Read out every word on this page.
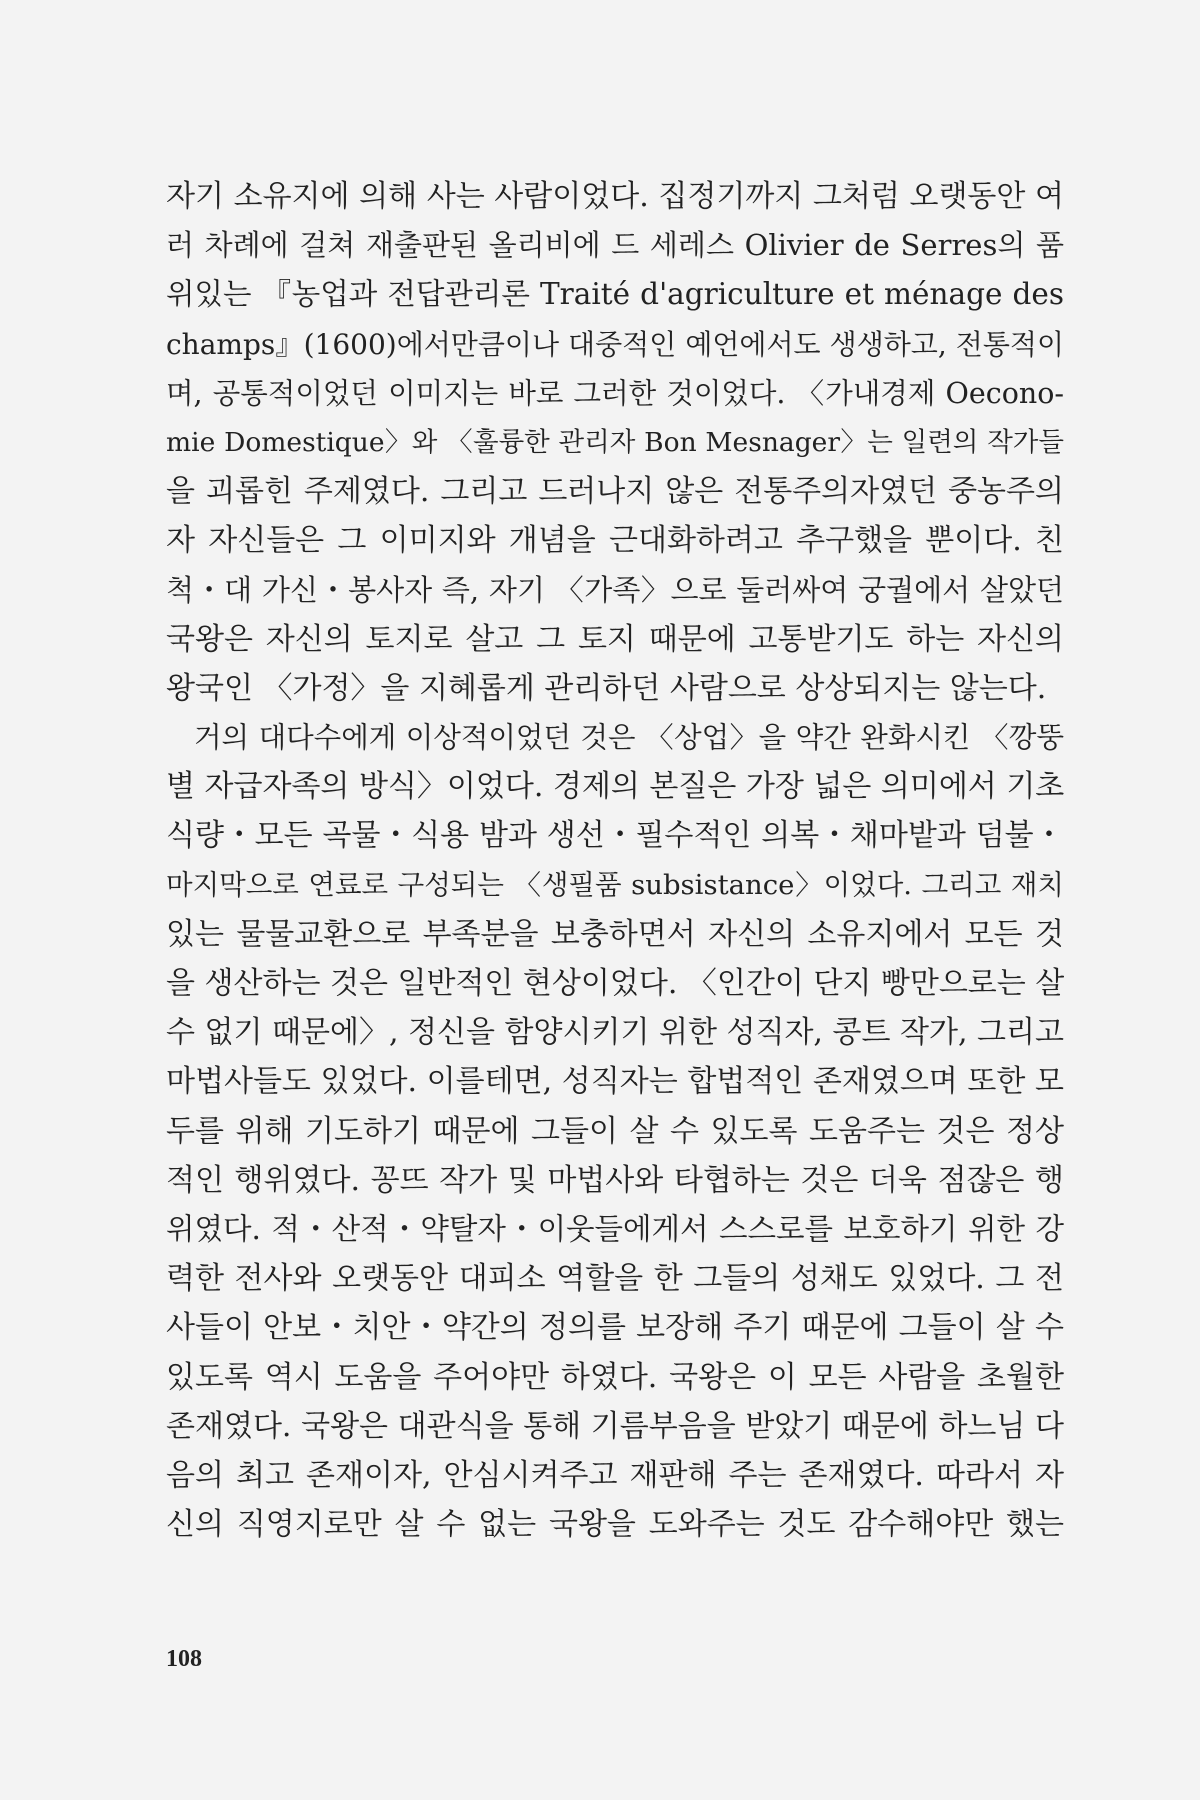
자기 소유지에 의해 사는 사람이었다. 집정기까지 그처럼 오랫동안 여
러 차례에 걸쳐 재출판된 올리비에 드 세레스 Olivier de Serres의 품
위있는 『농업과 전답관리론 Traité d'agriculture et ménage des
champs』(1600)에서만큼이나 대중적인 예언에서도 생생하고, 전통적이
며, 공통적이었던 이미지는 바로 그러한 것이었다. 〈가내경제 Oecono-
mie Domestique〉와 〈훌륭한 관리자 Bon Mesnager〉는 일련의 작가들
을 괴롭힌 주제였다. 그리고 드러나지 않은 전통주의자였던 중농주의
자 자신들은 그 이미지와 개념을 근대화하려고 추구했을 뿐이다. 친
척・대 가신・봉사자 즉, 자기 〈가족〉으로 둘러싸여 궁궐에서 살았던
국왕은 자신의 토지로 살고 그 토지 때문에 고통받기도 하는 자신의
왕국인 〈가정〉을 지혜롭게 관리하던 사람으로 상상되지는 않는다.
거의 대다수에게 이상적이었던 것은 〈상업〉을 약간 완화시킨 〈깡뚱
별 자급자족의 방식〉이었다. 경제의 본질은 가장 넓은 의미에서 기초
식량・모든 곡물・식용 밤과 생선・필수적인 의복・채마밭과 덤불・
마지막으로 연료로 구성되는 〈생필품 subsistance〉이었다. 그리고 재치
있는 물물교환으로 부족분을 보충하면서 자신의 소유지에서 모든 것
을 생산하는 것은 일반적인 현상이었다. 〈인간이 단지 빵만으로는 살
수 없기 때문에〉, 정신을 함양시키기 위한 성직자, 콩트 작가, 그리고
마법사들도 있었다. 이를테면, 성직자는 합법적인 존재였으며 또한 모
두를 위해 기도하기 때문에 그들이 살 수 있도록 도움주는 것은 정상
적인 행위였다. 꽁뜨 작가 및 마법사와 타협하는 것은 더욱 점잖은 행
위였다. 적・산적・약탈자・이웃들에게서 스스로를 보호하기 위한 강
력한 전사와 오랫동안 대피소 역할을 한 그들의 성채도 있었다. 그 전
사들이 안보・치안・약간의 정의를 보장해 주기 때문에 그들이 살 수
있도록 역시 도움을 주어야만 하였다. 국왕은 이 모든 사람을 초월한
존재였다. 국왕은 대관식을 통해 기름부음을 받았기 때문에 하느님 다
음의 최고 존재이자, 안심시켜주고 재판해 주는 존재였다. 따라서 자
신의 직영지로만 살 수 없는 국왕을 도와주는 것도 감수해야만 했는
108
